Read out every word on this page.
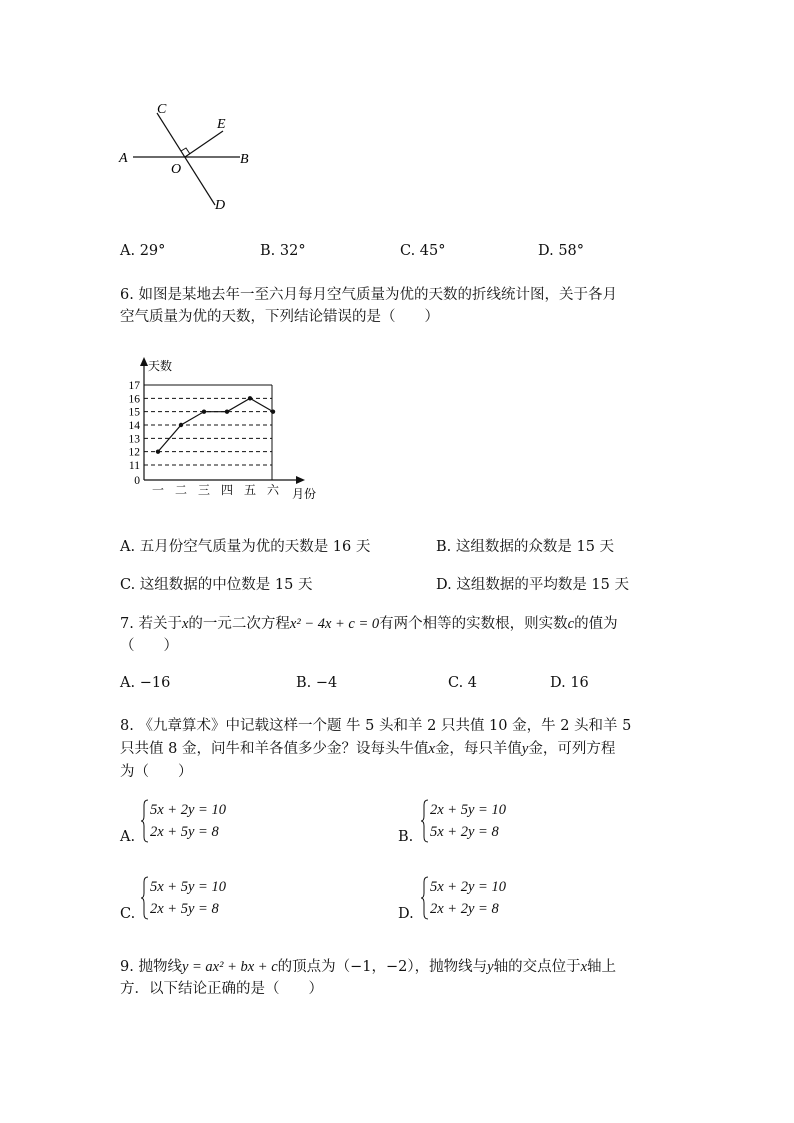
A	B
C
D
E
O
A. 29°	B. 32°	C. 45°	D. 58°
6. 如图是某地去年一至六月每月空气质量为优的天数的折线统计图，关于各月
空气质量为优的天数，下列结论错误的是（　　）
0
11
12
13
14
15
16
17
天数
月份
一 二 三 四 五 六
A. 五月份空气质量为优的天数是 16 天	B. 这组数据的众数是 15 天
C. 这组数据的中位数是 15 天	D. 这组数据的平均数是 15 天
7. 若关于x的一元二次方程x² − 4x + c = 0有两个相等的实数根，则实数c的值为
（　　）
A. −16	B. −4	C. 4	D. 16
8. 《九章算术》中记载这样一个题 牛 5 头和羊 2 只共值 10 金，牛 2 头和羊 5
只共值 8 金，问牛和羊各值多少金？设每头牛值x金，每只羊值y金，可列方程
为（　　）
A.
5x + 2y = 10
2x + 5y = 8	B.
2x + 5y = 10
5x + 2y = 8
C.
5x + 5y = 10
2x + 5y = 8	D.
5x + 2y = 10
2x + 2y = 8
9. 抛物线y = ax² + bx + c的顶点为（−1，−2），抛物线与y轴的交点位于x轴上
方．以下结论正确的是（　　）
